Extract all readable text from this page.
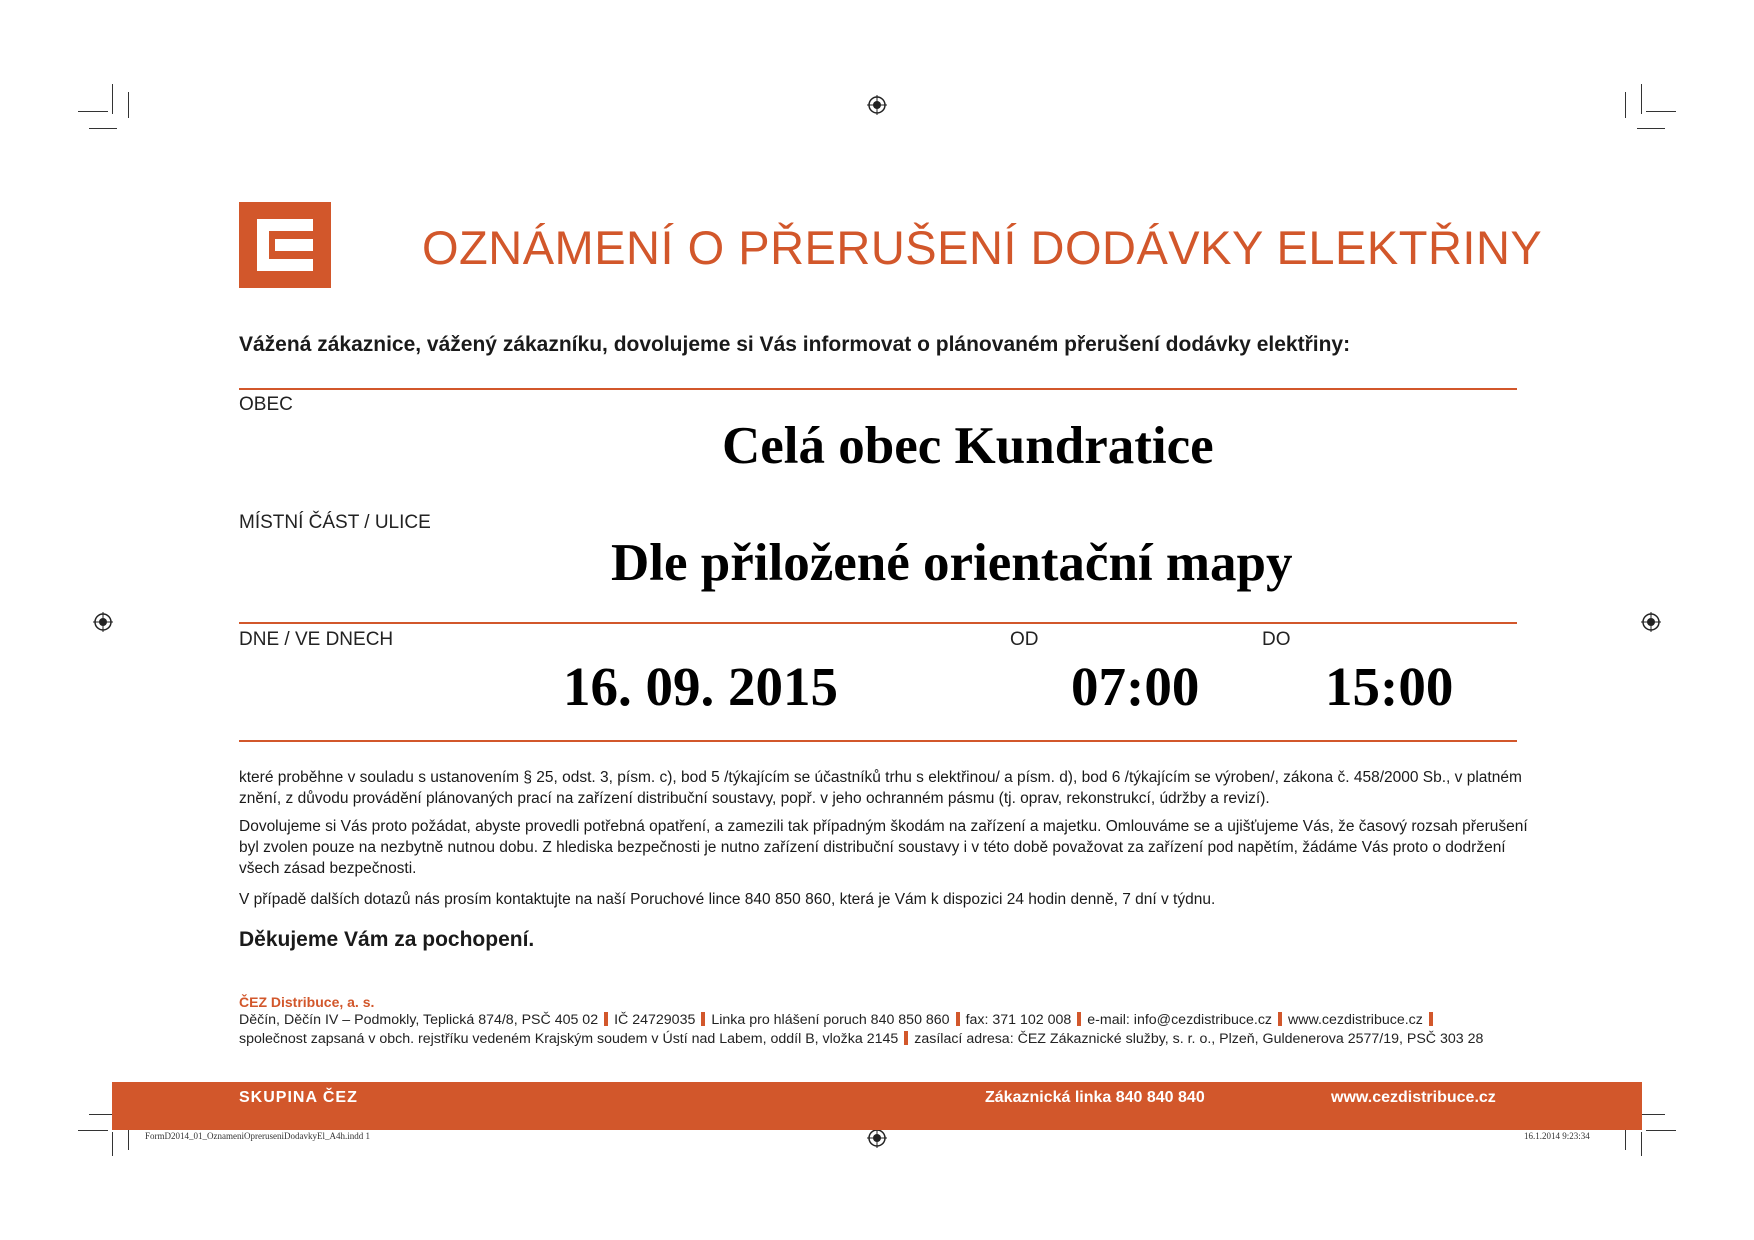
OZNÁMENÍ O PŘERUŠENÍ DODÁVKY ELEKTŘINY
Vážená zákaznice, vážený zákazníku, dovolujeme si Vás informovat o plánovaném přerušení dodávky elektřiny:
OBEC
Celá obec Kundratice
MÍSTNÍ ČÁST / ULICE
Dle přiložené orientační mapy
DNE / VE DNECH	OD	DO
16. 09. 2015	07:00 15:00
které proběhne v souladu s ustanovením § 25, odst. 3, písm. c), bod 5 /týkajícím se účastníků trhu s elektřinou/ a písm. d), bod 6 /týkajícím se výroben/, zákona č. 458/2000 Sb., v platném znění, z důvodu provádění plánovaných prací na zařízení distribuční soustavy, popř. v jeho ochranném pásmu (tj. oprav, rekonstrukcí, údržby a revizí).
Dovolujeme si Vás proto požádat, abyste provedli potřebná opatření, a zamezili tak případným škodám na zařízení a majetku. Omlouváme se a ujišťujeme Vás, že časový rozsah přerušení byl zvolen pouze na nezbytně nutnou dobu. Z hlediska bezpečnosti je nutno zařízení distribuční soustavy i v této době považovat za zařízení pod napětím, žádáme Vás proto o dodržení všech zásad bezpečnosti.
V případě dalších dotazů nás prosím kontaktujte na naší Poruchové lince 840 850 860, která je Vám k dispozici 24 hodin denně, 7 dní v týdnu.
Děkujeme Vám za pochopení.
ČEZ Distribuce, a. s.
Děčín, Děčín IV – Podmokly, Teplická 874/8, PSČ 405 02 IČ 24729035 Linka pro hlášení poruch 840 850 860 fax: 371 102 008 e-mail: info@cezdistribuce.cz www.cezdistribuce.cz
společnost zapsaná v obch. rejstříku vedeném Krajským soudem v Ústí nad Labem, oddíl B, vložka 2145 zasílací adresa: ČEZ Zákaznické služby, s. r. o., Plzeň, Guldenerova 2577/19, PSČ 303 28
SKUPINA ČEZ	Zákaznická linka 840 840 840	www.cezdistribuce.cz
FormD2014_01_OznameniOpreruseniDodavkyEl_A4h.indd 1	16.1.2014 9:23:34
